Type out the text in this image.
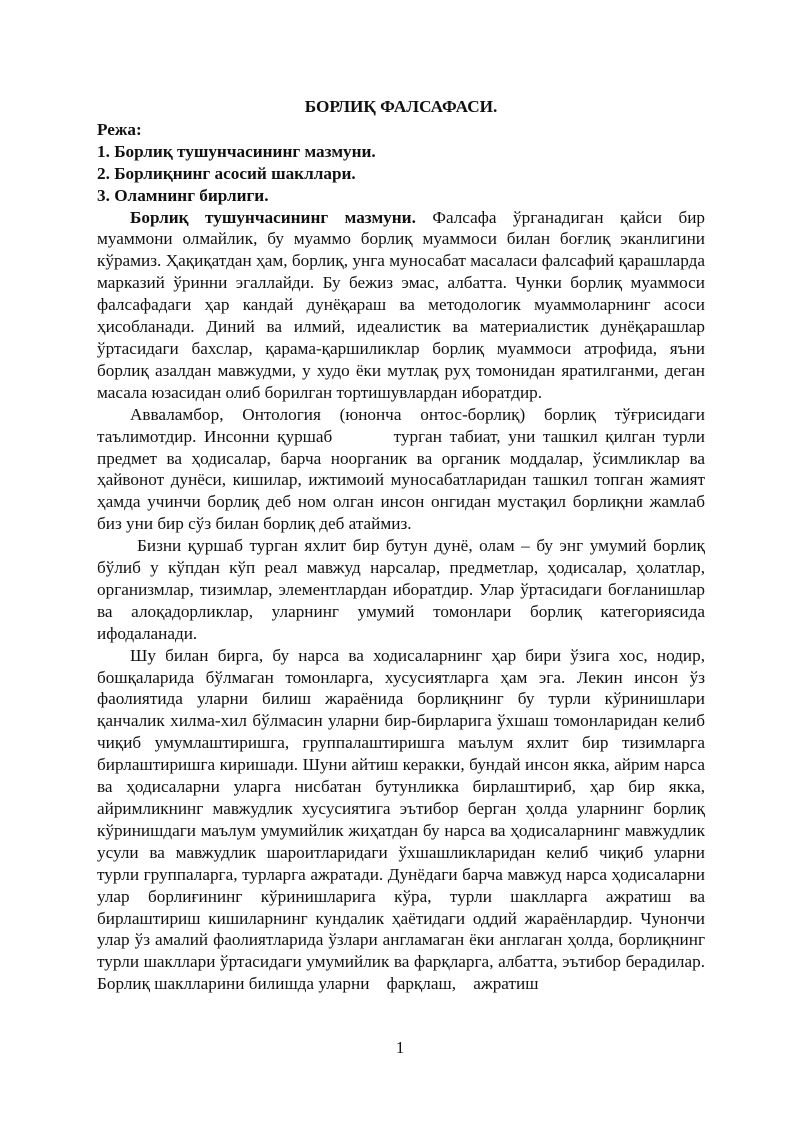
БОРЛИҚ ФАЛСАФАСИ.

Режа:

1. Борлиқ тушунчасининг мазмуни.

2. Борлиқнинг асосий шакллари.

3. Оламнинг бирлиги.

Борлиқ тушунчасининг мазмуни. Фалсафа ўрганадиган қайси бир муаммони олмайлик, бу муаммо борлиқ муаммоси билан боғлиқ эканлигини кўрамиз. Ҳақиқатдан ҳам, борлиқ, унга муносабат масаласи фалсафий қарашларда марказий ўринни эгаллайди. Бу бежиз эмас, албатта. Чунки борлиқ муаммоси фалсафадаги ҳар кандай дунёқараш ва методологик муаммоларнинг асоси ҳисобланади. Диний ва илмий, идеалистик ва материалистик дунёқарашлар ўртасидаги бахслар, қарама-қаршиликлар борлиқ муаммоси атрофида, яъни борлиқ азалдан мавжудми, у худо ёки мутлақ руҳ томонидан яратилганми, деган масала юзасидан олиб борилган тортишувлардан иборатдир.

Авваламбор, Онтология (юнонча онтос-борлиқ) борлиқ тўғрисидаги таълимотдир. Инсонни қуршаб        турган табиат, уни ташкил қилган турли предмет ва ҳодисалар, барча ноорганик ва органик моддалар, ўсимликлар ва ҳайвонот дунёси, кишилар, ижтимоий муносабатларидан ташкил топган жамият ҳамда учинчи борлиқ деб ном олган инсон онгидан мустақил борлиқни жамлаб биз уни бир сўз билан борлиқ деб атаймиз.

Бизни қуршаб турган яхлит бир бутун дунё, олам – бу энг умумий борлиқ бўлиб у кўпдан кўп реал мавжуд нарсалар, предметлар, ҳодисалар, ҳолатлар, организмлар, тизимлар, элементлардан иборатдир. Улар ўртасидаги боғланишлар ва алоқадорликлар, уларнинг умумий томонлари борлиқ категориясида ифодаланади.

Шу билан бирга, бу нарса ва ходисаларнинг ҳар бири ўзига хос, нодир, бошқаларида бўлмаган томонларга, хусусиятларга ҳам эга. Лекин инсон ўз фаолиятида уларни билиш жараёнида борлиқнинг бу турли кўринишлари қанчалик хилма-хил бўлмасин уларни бир-бирларига ўхшаш томонларидан келиб чиқиб умумлаштиришга, группалаштиришга маълум яхлит бир тизимларга бирлаштиришга киришади. Шуни айтиш керакки, бундай инсон якка, айрим нарса ва ҳодисаларни уларга нисбатан бутунликка бирлаштириб, ҳар бир якка, айримликнинг мавжудлик хусусиятига эътибор берган ҳолда уларнинг борлиқ кўринишдаги маълум умумийлик жиҳатдан бу нарса ва ҳодисаларнинг мавжудлик усули ва мавжудлик шароитларидаги ўхшашликларидан келиб чиқиб уларни турли группаларга, турларга ажратади. Дунёдаги барча мавжуд нарса ҳодисаларни улар борлиғининг кўринишларига кўра, турли шаклларга ажратиш ва бирлаштириш кишиларнинг кундалик ҳаётидаги оддий жараёнлардир. Чунончи улар ўз амалий фаолиятларида ўзлари англамаган ёки англаган ҳолда, борлиқнинг турли шакллари ўртасидаги умумийлик ва фарқларга, албатта, эътибор берадилар. Борлиқ шаклларини билишда уларни    фарқлаш,    ажратиш

1
